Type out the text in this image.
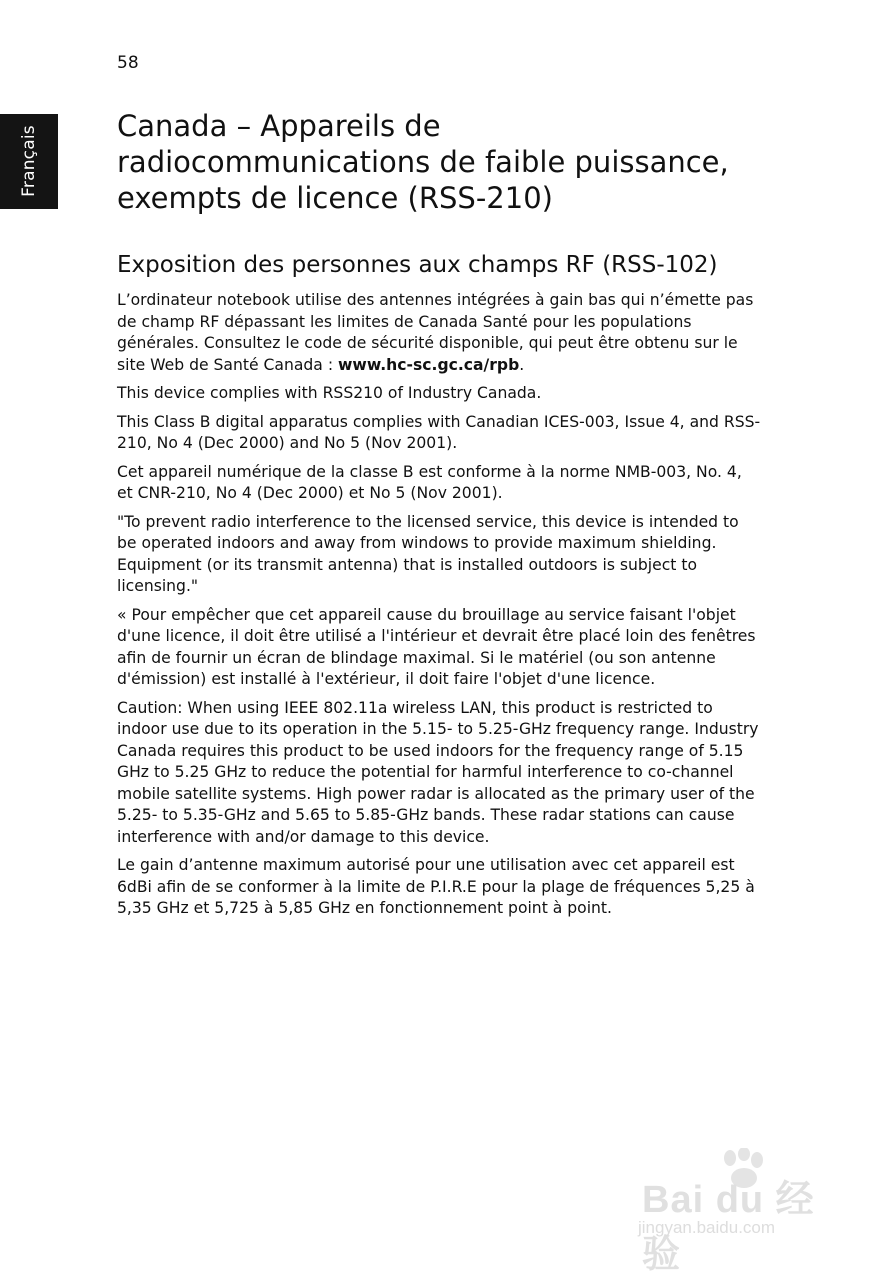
58
Français	Canada – Appareils de radiocommunications de faible puissance, exempts de licence (RSS-210)
Exposition des personnes aux champs RF (RSS-102)

L’ordinateur notebook utilise des antennes intégrées à gain bas qui n’émette pas de champ RF dépassant les limites de Canada Santé pour les populations générales. Consultez le code de sécurité disponible, qui peut être obtenu sur le site Web de Santé Canada : www.hc-sc.gc.ca/rpb.

This device complies with RSS210 of Industry Canada.

This Class B digital apparatus complies with Canadian ICES-003, Issue 4, and RSS-210, No 4 (Dec 2000) and No 5 (Nov 2001).

Cet appareil numérique de la classe B est conforme à la norme NMB-003, No. 4, et CNR-210, No 4 (Dec 2000) et No 5 (Nov 2001).

"To prevent radio interference to the licensed service, this device is intended to be operated indoors and away from windows to provide maximum shielding. Equipment (or its transmit antenna) that is installed outdoors is subject to licensing."

« Pour empêcher que cet appareil cause du brouillage au service faisant l'objet d'une licence, il doit être utilisé a l'intérieur et devrait être placé loin des fenêtres afin de fournir un écran de blindage maximal. Si le matériel (ou son antenne d'émission) est installé à l'extérieur, il doit faire l'objet d'une licence.

Caution: When using IEEE 802.11a wireless LAN, this product is restricted to indoor use due to its operation in the 5.15- to 5.25-GHz frequency range. Industry Canada requires this product to be used indoors for the frequency range of 5.15 GHz to 5.25 GHz to reduce the potential for harmful interference to co-channel mobile satellite systems. High power radar is allocated as the primary user of the 5.25- to 5.35-GHz and 5.65 to 5.85-GHz bands. These radar stations can cause interference with and/or damage to this device.

Le gain d’antenne maximum autorisé pour une utilisation avec cet appareil est 6dBi afin de se conformer à la limite de P.I.R.E pour la plage de fréquences 5,25 à 5,35 GHz et 5,725 à 5,85 GHz en fonctionnement point à point.

Bai du 经验
jingyan.baidu.com
